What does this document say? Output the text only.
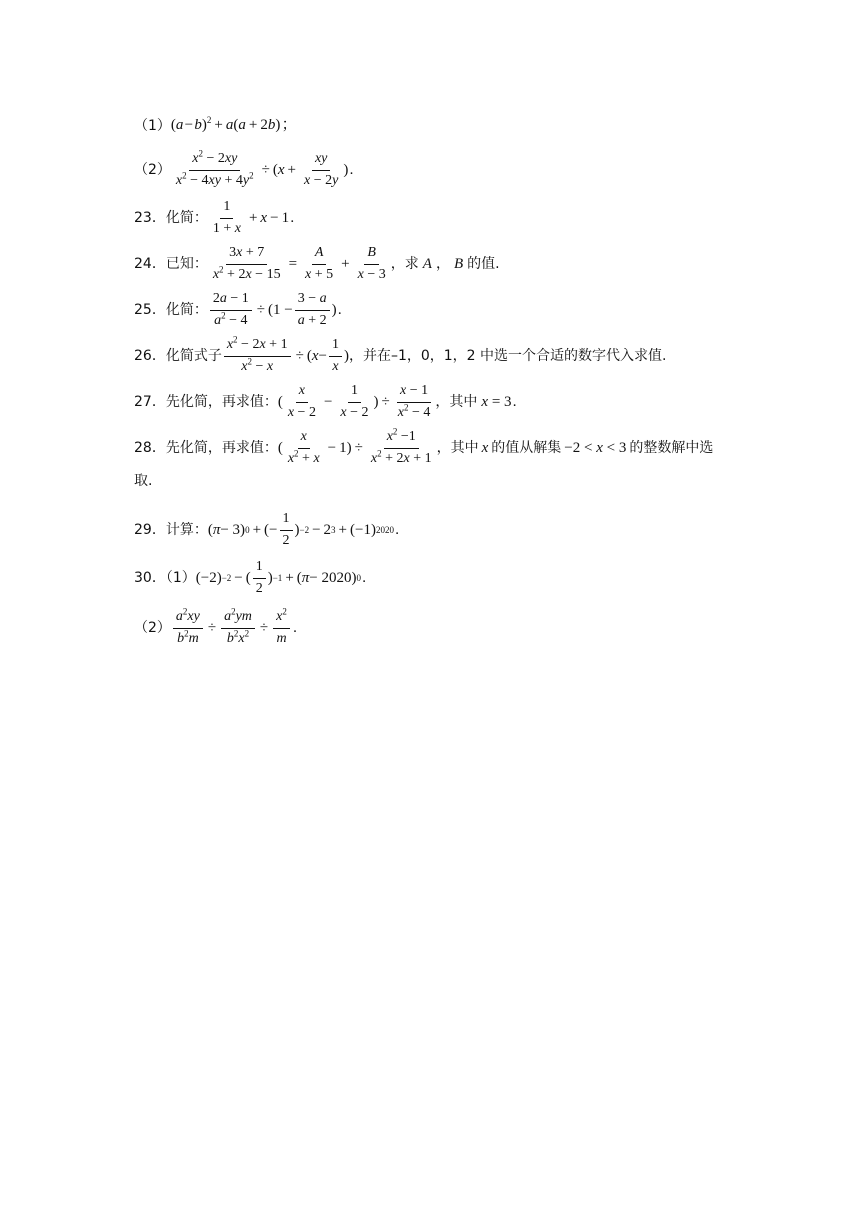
（1） (a − b)$^2$ + a(a + 2b) ；
$(2) \frac{x^2 - 2xy}{x^2 - 4xy + 4y^2}$ ÷ ( $x + \frac{xy}{x - 2y}$ ) .
23．化简： $\frac{1}{1 + x} + x - 1$ .
24．已知： $\frac{3x + 7}{x^2 + 2x - 15} = \frac{A}{x + 5} + \frac{B}{x - 3}$ ，求 A ， B 的值.
25．化简： $\frac{2a - 1}{a^2 - 4} \div (1 - \frac{3 - a}{a + 2}$ ) .
26．化简式子 $\frac{x^2 - 2x + 1}{x^2 - x}$ ÷ ( $x - \frac{1}{x}$ ) ，并在–1，0，1，2 中选一个合适的数字代入求值.
27．先化简，再求值： ( $\frac{x}{x - 2} - \frac{1}{x - 2}$ ) ÷ $\frac{x - 1}{x^2 - 4}$ ，其中 x = 3 .
28．先化简，再求值： ( $\frac{x}{x^2 + x} - 1) \div \frac{x^2 -1}{x^2 + 2x + 1}$ ，其中 x 的值从解集 −2 < x < 3 的整数解中选
取.
29．计算： ( π − 3) 0 + (− $\frac{1}{2}$ ) −2 − 2 3 + (−1) 2020  .
30．（1） (−2) −2 − ( $\frac{1}{2}$ ) −1 + ( π − 2020) 0  .
$(2) \frac{a^2xy}{b^2m} \div \frac{a^2ym}{b^2x^2} \div \frac{x^2}{m}$  .
